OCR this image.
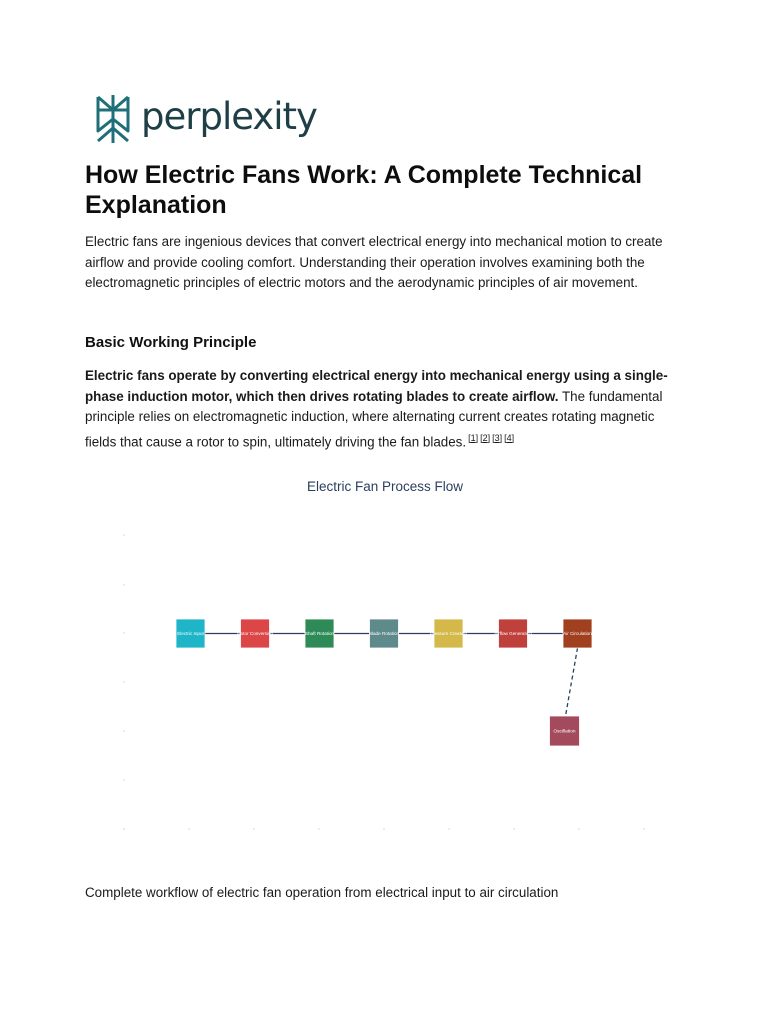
perplexity
How Electric Fans Work: A Complete Technical Explanation

Electric fans are ingenious devices that convert electrical energy into mechanical motion to create airflow and provide cooling comfort. Understanding their operation involves examining both the electromagnetic principles of electric motors and the aerodynamic principles of air movement.

Basic Working Principle

Electric fans operate by converting electrical energy into mechanical energy using a single-phase induction motor, which then drives rotating blades to create airflow. The fundamental principle relies on electromagnetic induction, where alternating current creates rotating magnetic fields that cause a rotor to spin, ultimately driving the fan blades. [1] [2] [3] [4]

Electric Fan Process Flow
Electric Input	Motor Conversion	Shaft Rotation	Blade Rotation	Pressure Creation	Airflow Generation	Air Circulation
Oscillation

Complete workflow of electric fan operation from electrical input to air circulation
